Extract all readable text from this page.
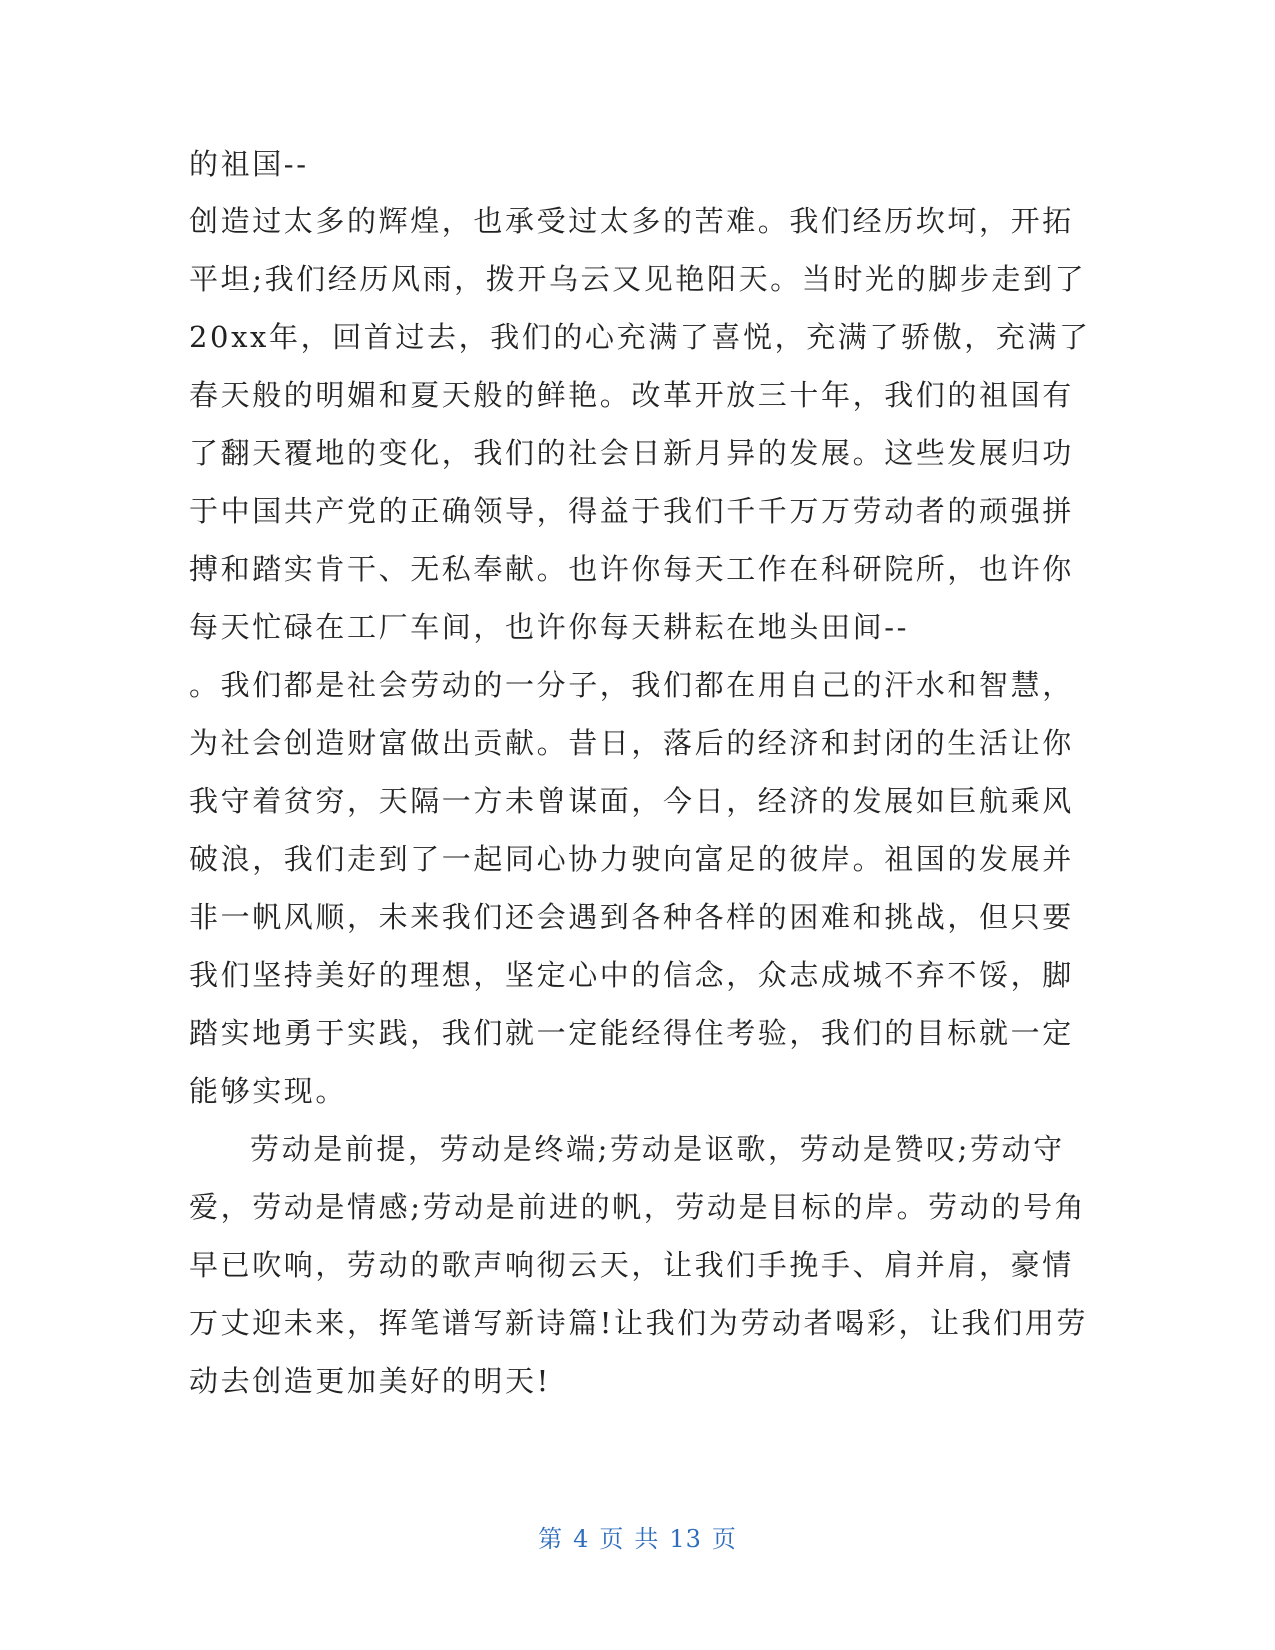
的祖国--
创造过太多的辉煌，也承受过太多的苦难。我们经历坎坷，开拓
平坦;我们经历风雨，拨开乌云又见艳阳天。当时光的脚步走到了
20xx年，回首过去，我们的心充满了喜悦，充满了骄傲，充满了
春天般的明媚和夏天般的鲜艳。改革开放三十年，我们的祖国有
了翻天覆地的变化，我们的社会日新月异的发展。这些发展归功
于中国共产党的正确领导，得益于我们千千万万劳动者的顽强拼
搏和踏实肯干、无私奉献。也许你每天工作在科研院所，也许你
每天忙碌在工厂车间，也许你每天耕耘在地头田间--
。我们都是社会劳动的一分子，我们都在用自己的汗水和智慧，
为社会创造财富做出贡献。昔日，落后的经济和封闭的生活让你
我守着贫穷，天隔一方未曾谋面，今日，经济的发展如巨航乘风
破浪，我们走到了一起同心协力驶向富足的彼岸。祖国的发展并
非一帆风顺，未来我们还会遇到各种各样的困难和挑战，但只要
我们坚持美好的理想，坚定心中的信念，众志成城不弃不馁，脚
踏实地勇于实践，我们就一定能经得住考验，我们的目标就一定
能够实现。
劳动是前提，劳动是终端;劳动是讴歌，劳动是赞叹;劳动守
爱，劳动是情感;劳动是前进的帆，劳动是目标的岸。劳动的号角
早已吹响，劳动的歌声响彻云天，让我们手挽手、肩并肩，豪情
万丈迎未来，挥笔谱写新诗篇!让我们为劳动者喝彩，让我们用劳
动去创造更加美好的明天!
第 4 页 共 13 页
